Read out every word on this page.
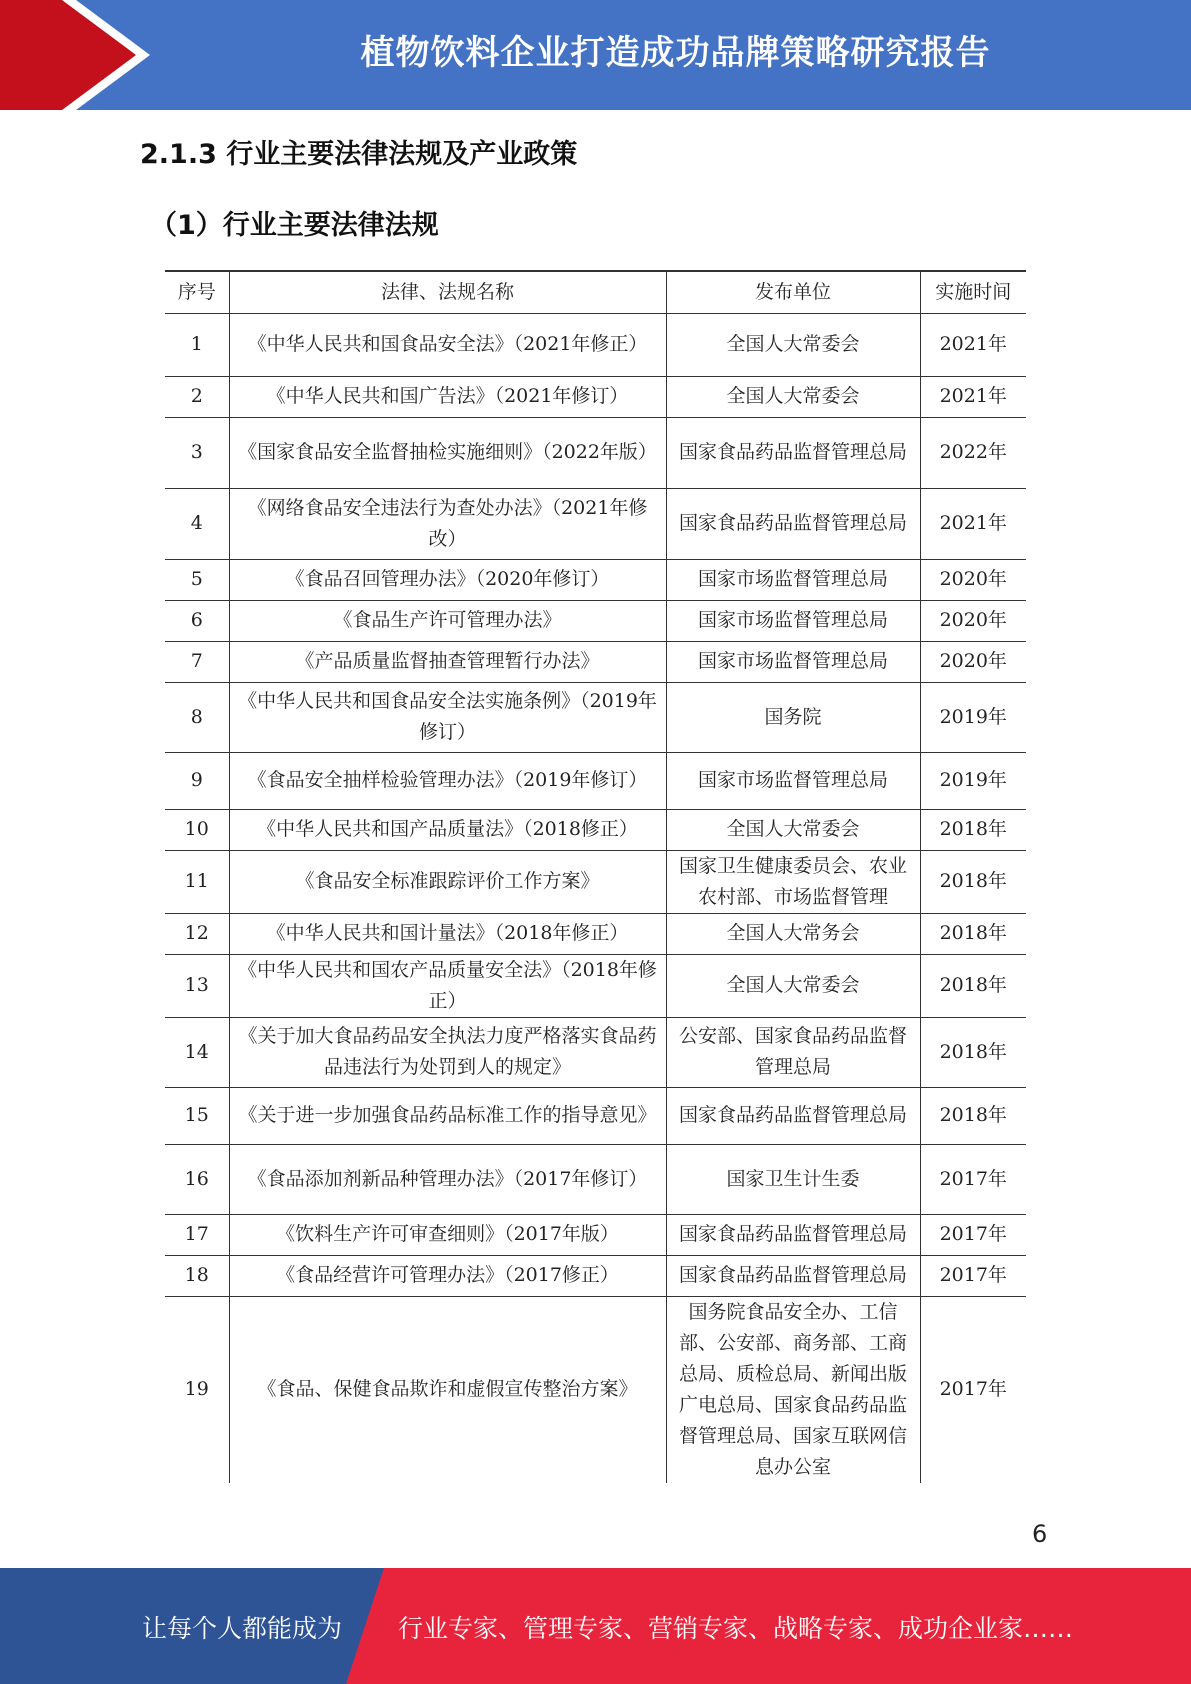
植物饮料企业打造成功品牌策略研究报告
2.1.3 行业主要法律法规及产业政策
（1）行业主要法律法规
序号	法律、法规名称	发布单位	实施时间
1	《中华人民共和国食品安全法》（2021年修正）	全国人大常委会	2021年
2	《中华人民共和国广告法》（2021年修订）	全国人大常委会	2021年
3	《国家食品安全监督抽检实施细则》（2022年版）	国家食品药品监督管理总局	2022年
4	《网络食品安全违法行为查处办法》（2021年修改）	国家食品药品监督管理总局	2021年
5	《食品召回管理办法》（2020年修订）	国家市场监督管理总局	2020年
6	《食品生产许可管理办法》	国家市场监督管理总局	2020年
7	《产品质量监督抽查管理暂行办法》	国家市场监督管理总局	2020年
8	《中华人民共和国食品安全法实施条例》（2019年修订）	国务院	2019年
9	《食品安全抽样检验管理办法》（2019年修订）	国家市场监督管理总局	2019年
10	《中华人民共和国产品质量法》（2018修正）	全国人大常委会	2018年
11	《食品安全标准跟踪评价工作方案》	国家卫生健康委员会、农业农村部、市场监督管理	2018年
12	《中华人民共和国计量法》（2018年修正）	全国人大常务会	2018年
13	《中华人民共和国农产品质量安全法》（2018年修正）	全国人大常委会	2018年
14	《关于加大食品药品安全执法力度严格落实食品药品违法行为处罚到人的规定》	公安部、国家食品药品监督管理总局	2018年
15	《关于进一步加强食品药品标准工作的指导意见》	国家食品药品监督管理总局	2018年
16	《食品添加剂新品种管理办法》（2017年修订）	国家卫生计生委	2017年
17	《饮料生产许可审查细则》（2017年版）	国家食品药品监督管理总局	2017年
18	《食品经营许可管理办法》（2017修正）	国家食品药品监督管理总局	2017年
19	《食品、保健食品欺诈和虚假宣传整治方案》	国务院食品安全办、工信部、公安部、商务部、工商总局、质检总局、新闻出版广电总局、国家食品药品监督管理总局、国家互联网信息办公室	2017年
6
让每个人都能成为 行业专家、管理专家、营销专家、战略专家、成功企业家……
